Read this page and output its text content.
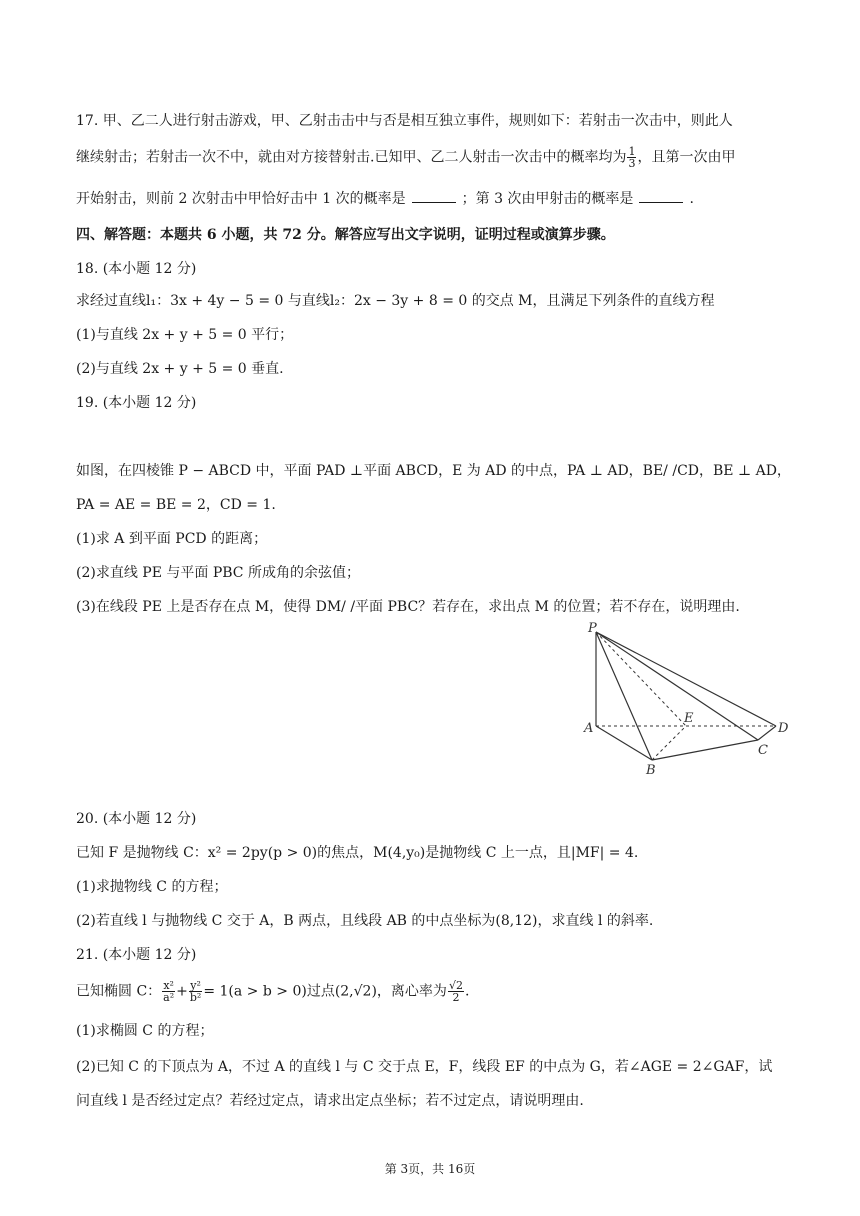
17. 甲、乙二人进行射击游戏，甲、乙射击击中与否是相互独立事件，规则如下：若射击一次击中，则此人
继续射击；若射击一次不中，就由对方接替射击.已知甲、乙二人射击一次击中的概率均为 $\frac{1}{3}$ ，且第一次由甲
开始射击，则前 2 次射击中甲恰好击中 1 次的概率是	；第 3 次由甲射击的概率是	.
四、解答题：本题共 6 小题，共 72 分。解答应写出文字说明，证明过程或演算步骤。
18. (本小题 12 分)
求经过直线l₁：3x + 4y − 5 = 0 与直线l₂：2x − 3y + 8 = 0 的交点 M，且满足下列条件的直线方程
(1)与直线 2x + y + 5 = 0 平行；
(2)与直线 2x + y + 5 = 0 垂直.
19. (本小题 12 分)
如图，在四棱锥 P − ABCD 中，平面 PAD ⊥平面 ABCD，E 为 AD 的中点，PA ⊥ AD，BE/ /CD，BE ⊥ AD，
PA = AE = BE = 2，CD = 1.
(1)求 A 到平面 PCD 的距离；
(2)求直线 PE 与平面 PBC 所成角的余弦值；
(3)在线段 PE 上是否存在点 M，使得 DM/ /平面 PBC？若存在，求出点 M 的位置；若不存在，说明理由.
P
A
B
C
D
E
20. (本小题 12 分)
已知 F 是抛物线 C：x² = 2py(p > 0)的焦点，M(4,y₀)是抛物线 C 上一点，且|MF| = 4.
(1)求抛物线 C 的方程；
(2)若直线 l 与抛物线 C 交于 A，B 两点，且线段 AB 的中点坐标为(8,12)，求直线 l 的斜率.
21. (本小题 12 分)
已知椭圆 C： $\frac{\text{x²}}{\text{a²}} + \frac{\text{y²}}{\text{b²}} = 1(a > b > 0)$过点(2,√2)，离心率为 $\frac{√2}{2}$ .
(1)求椭圆 C 的方程；
(2)已知 C 的下顶点为 A，不过 A 的直线 l 与 C 交于点 E，F，线段 EF 的中点为 G，若∠AGE = 2∠GAF，试
问直线 l 是否经过定点？若经过定点，请求出定点坐标；若不过定点，请说明理由.
第 3页，共 16页
